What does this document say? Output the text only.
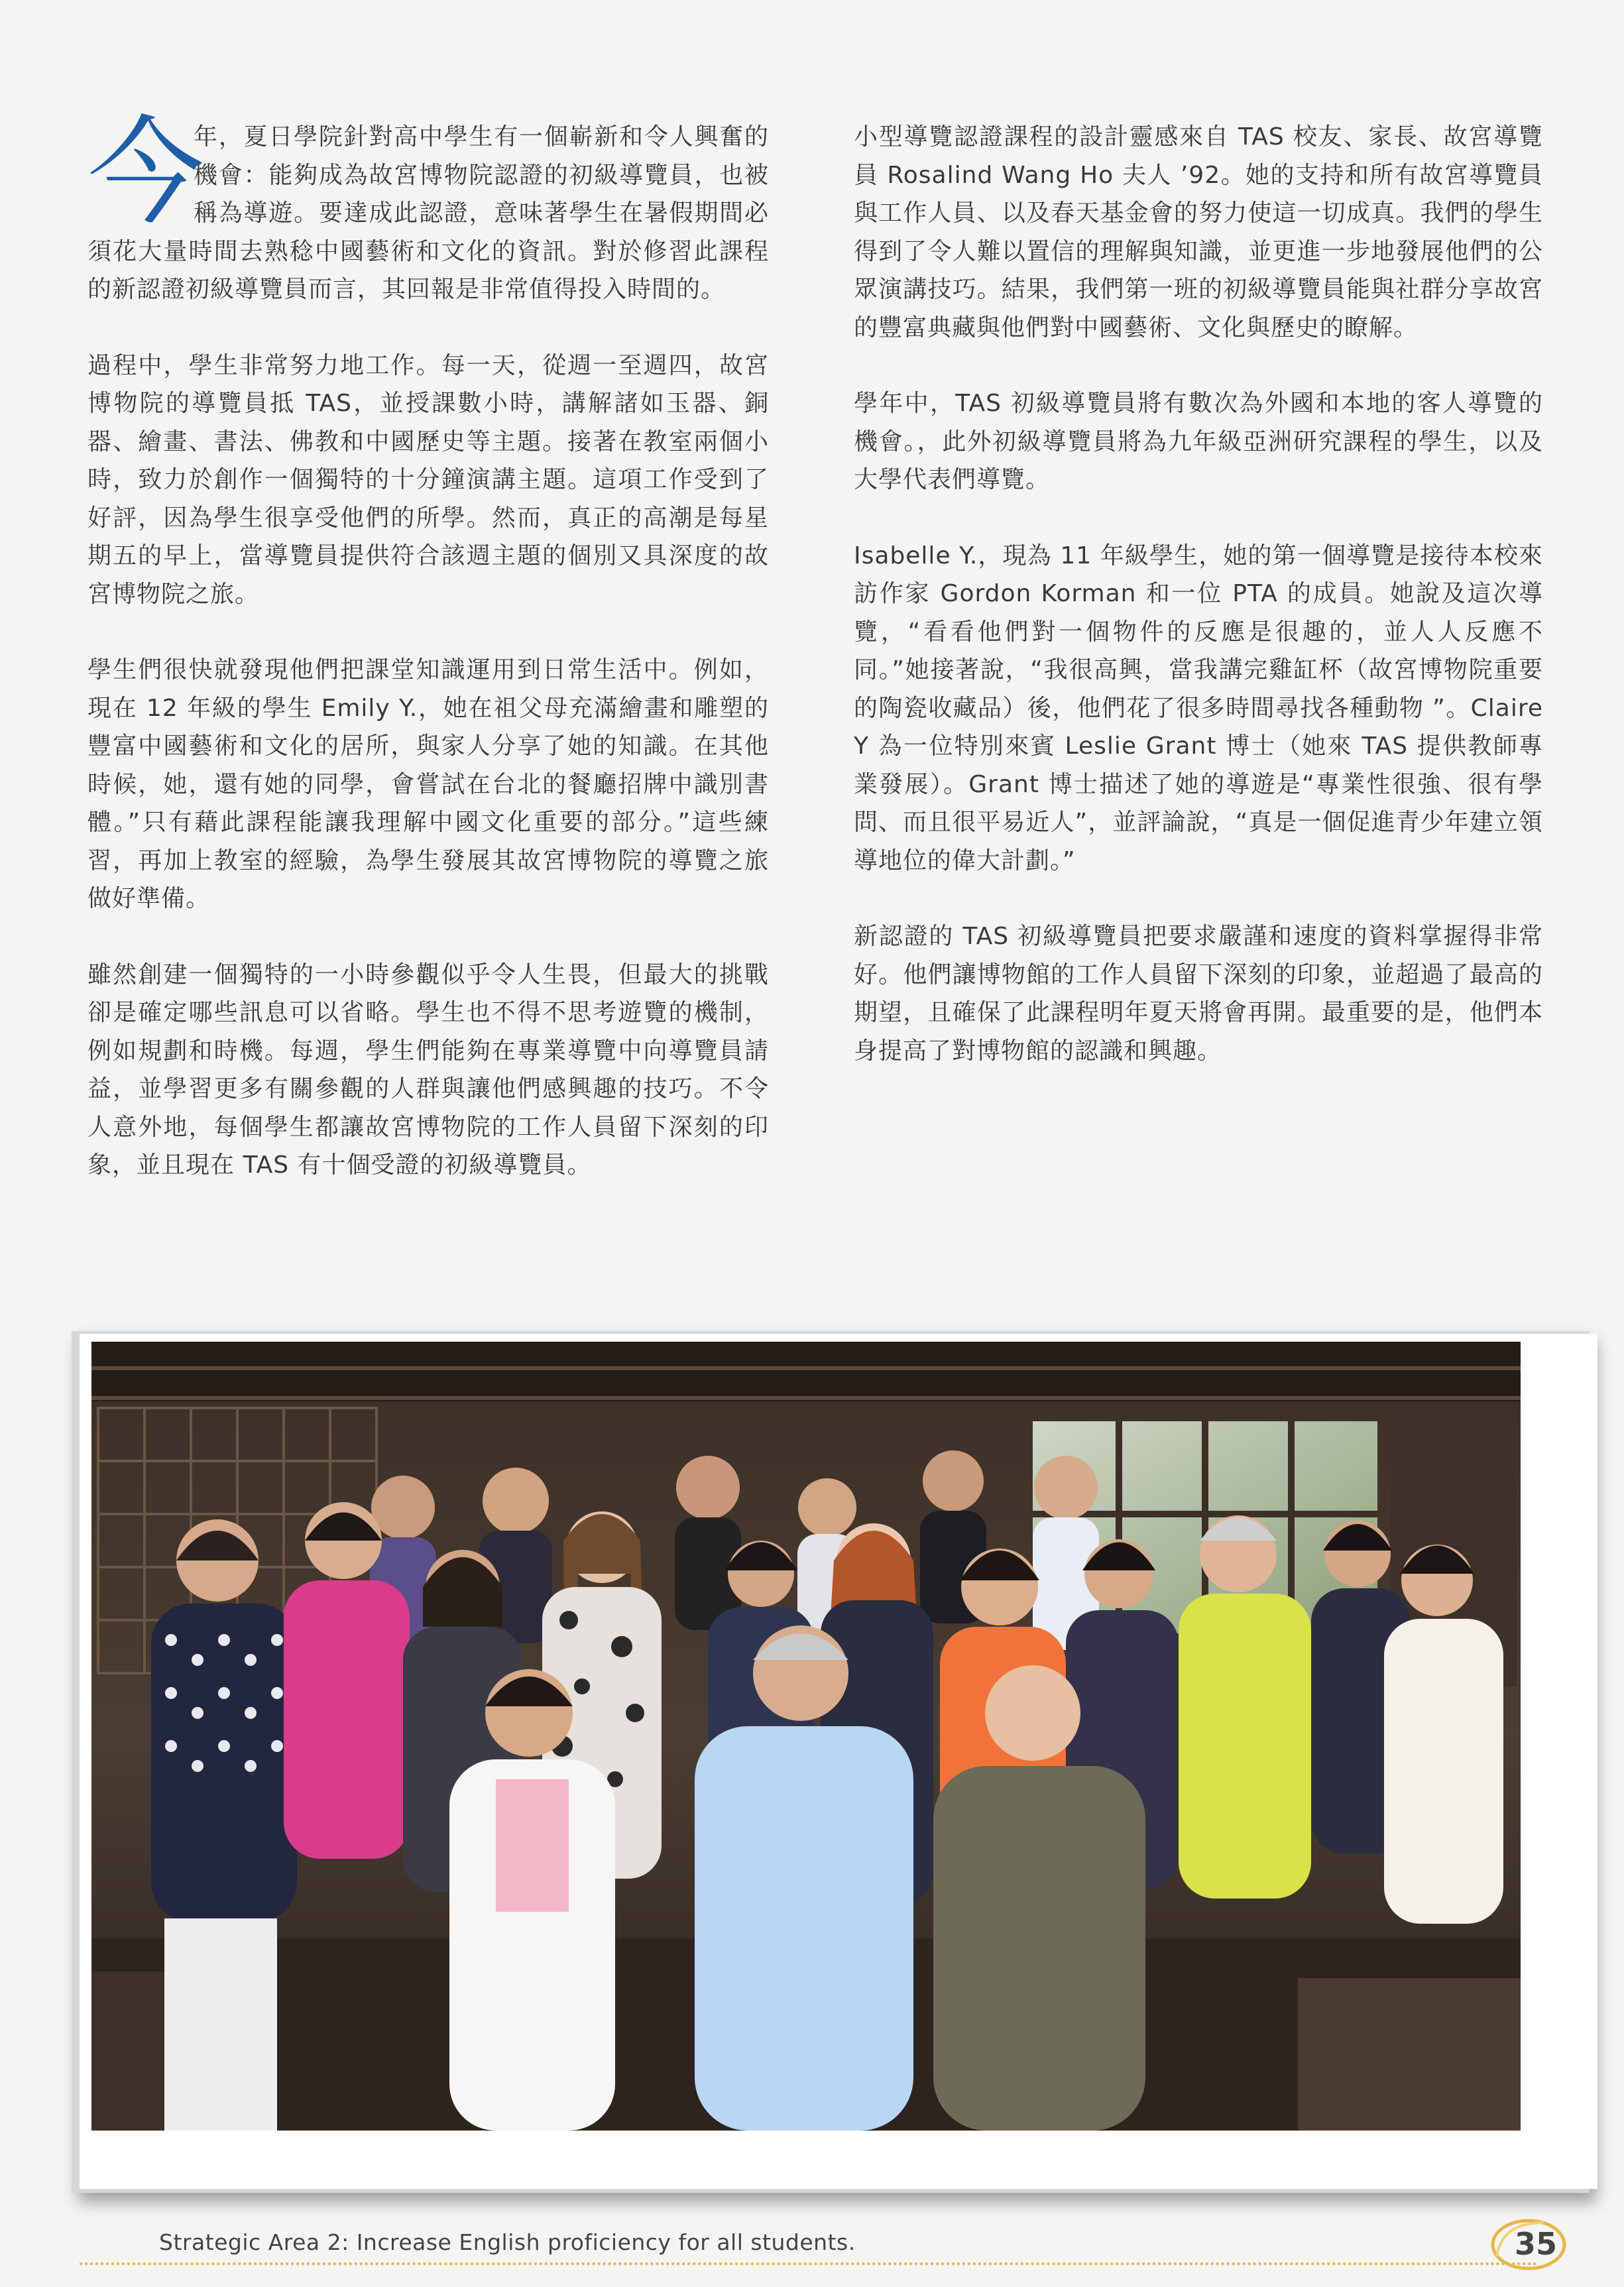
今
年，夏日學院針對高中學生有一個嶄新和令人興奮的機會：能夠成為故宮博物院認證的初級導覽員，也被稱為導遊。要達成此認證，意味著學生在暑假期間必須花大量時間去熟稔中國藝術和文化的資訊。對於修習此課程的新認證初級導覽員而言，其回報是非常值得投入時間的。

過程中，學生非常努力地工作。每一天，從週一至週四，故宮博物院的導覽員抵 TAS，並授課數小時，講解諸如玉器、銅器、繪畫、書法、佛教和中國歷史等主題。接著在教室兩個小時，致力於創作一個獨特的十分鐘演講主題。這項工作受到了好評，因為學生很享受他們的所學。然而，真正的高潮是每星期五的早上，當導覽員提供符合該週主題的個別又具深度的故宮博物院之旅。

學生們很快就發現他們把課堂知識運用到日常生活中。例如，現在 12 年級的學生 Emily Y.，她在祖父母充滿繪畫和雕塑的豐富中國藝術和文化的居所，與家人分享了她的知識。在其他時候，她，還有她的同學，會嘗試在台北的餐廳招牌中識別書體。”只有藉此課程能讓我理解中國文化重要的部分。”這些練習，再加上教室的經驗，為學生發展其故宮博物院的導覽之旅做好準備。

雖然創建一個獨特的一小時參觀似乎令人生畏，但最大的挑戰卻是確定哪些訊息可以省略。學生也不得不思考遊覽的機制，例如規劃和時機。每週，學生們能夠在專業導覽中向導覽員請益，並學習更多有關參觀的人群與讓他們感興趣的技巧。不令人意外地，每個學生都讓故宮博物院的工作人員留下深刻的印象，並且現在 TAS 有十個受證的初級導覽員。

小型導覽認證課程的設計靈感來自 TAS 校友、家長、故宮導覽員 Rosalind Wang Ho 夫人 ’92。她的支持和所有故宮導覽員與工作人員、以及春天基金會的努力使這一切成真。我們的學生得到了令人難以置信的理解與知識，並更進一步地發展他們的公眾演講技巧。結果，我們第一班的初級導覽員能與社群分享故宮的豐富典藏與他們對中國藝術、文化與歷史的瞭解。

學年中，TAS 初級導覽員將有數次為外國和本地的客人導覽的機會。，此外初級導覽員將為九年級亞洲研究課程的學生，以及大學代表們導覽。

Isabelle Y.，現為 11 年級學生，她的第一個導覽是接待本校來訪作家 Gordon Korman 和一位 PTA 的成員。她說及這次導覽，“看看他們對一個物件的反應是很趣的，並人人反應不同。”她接著說，“我很高興，當我講完雞缸杯（故宮博物院重要的陶瓷收藏品）後，他們花了很多時間尋找各種動物 ”。Claire Y 為一位特別來賓 Leslie Grant 博士（她來 TAS 提供教師專業發展）。Grant 博士描述了她的導遊是“專業性很強、很有學問、而且很平易近人”，並評論說，“真是一個促進青少年建立領導地位的偉大計劃。”

新認證的 TAS 初級導覽員把要求嚴謹和速度的資料掌握得非常好。他們讓博物館的工作人員留下深刻的印象，並超過了最高的期望，且確保了此課程明年夏天將會再開。最重要的是，他們本身提高了對博物館的認識和興趣。

Strategic Area 2: Increase English proficiency for all students.	35
